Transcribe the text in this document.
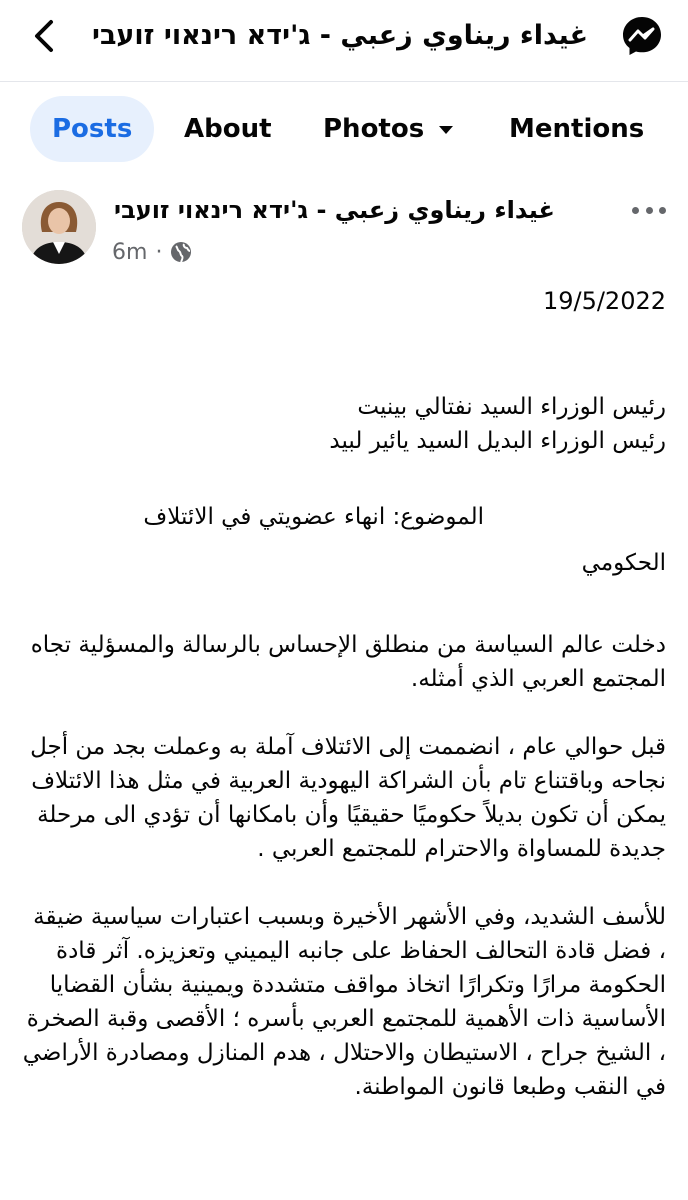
غيداء ريناوي زعبي - ג'ידא רינאוי זועבי
Posts	About Photos	Mentions
غيداء ريناوي زعبي - ג'ידא רינאוי זועבי
6m ·

19/5/2022

رئيس الوزراء السيد نفتالي بينيت

رئيس الوزراء البديل السيد يائير لبيد

الموضوع: انهاء عضويتي في الائتلاف

الحكومي

دخلت عالم السياسة من منطلق الإحساس بالرسالة والمسؤلية تجاه المجتمع العربي الذي أمثله.

قبل حوالي عام ، انضممت إلى الائتلاف آملة به وعملت بجد من أجل نجاحه وباقتناع تام بأن الشراكة اليهودية العربية في مثل هذا الائتلاف يمكن أن تكون بديلاً حكوميًا حقيقيًا وأن بامكانها أن تؤدي الى مرحلة جديدة للمساواة والاحترام للمجتمع العربي .

للأسف الشديد، وفي الأشهر الأخيرة وبسبب اعتبارات سياسية ضيقة ، فضل قادة التحالف الحفاظ على جانبه اليميني وتعزيزه. آثر قادة الحكومة مرارًا وتكرارًا اتخاذ مواقف متشددة ويمينية بشأن القضايا الأساسية ذات الأهمية للمجتمع العربي بأسره ؛ الأقصى وقبة الصخرة ، الشيخ جراح ، الاستيطان والاحتلال ، هدم المنازل ومصادرة الأراضي في النقب وطبعا قانون المواطنة.
